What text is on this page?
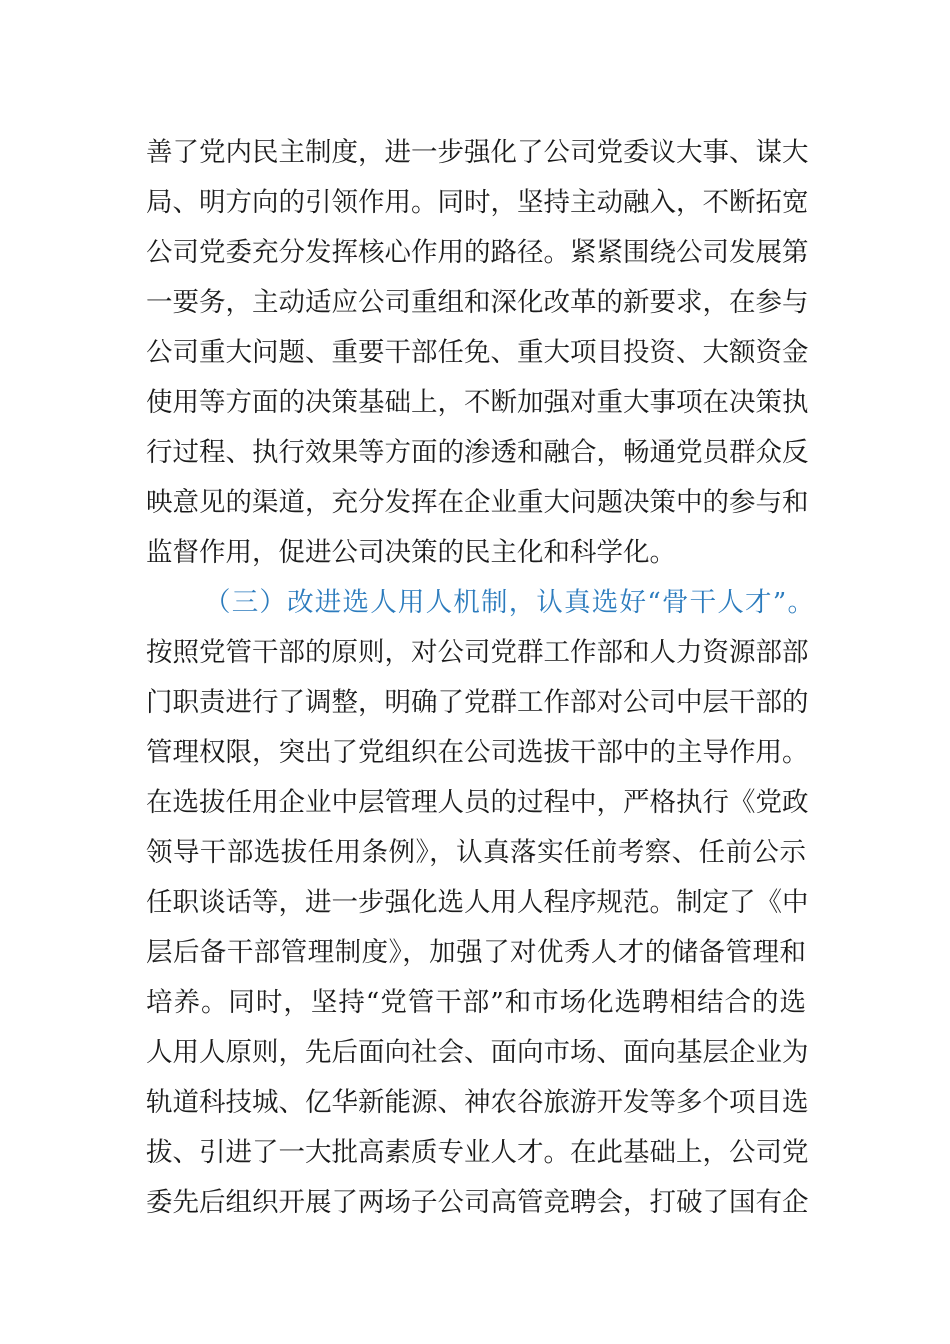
善了党内民主制度，进一步强化了公司党委议大事、谋大
局、明方向的引领作用。同时，坚持主动融入，不断拓宽
公司党委充分发挥核心作用的路径。紧紧围绕公司发展第
一要务，主动适应公司重组和深化改革的新要求，在参与
公司重大问题、重要干部任免、重大项目投资、大额资金
使用等方面的决策基础上，不断加强对重大事项在决策执
行过程、执行效果等方面的渗透和融合，畅通党员群众反
映意见的渠道，充分发挥在企业重大问题决策中的参与和
监督作用，促进公司决策的民主化和科学化。
（三）改进选人用人机制，认真选好“骨干人才”。
按照党管干部的原则，对公司党群工作部和人力资源部部
门职责进行了调整，明确了党群工作部对公司中层干部的
管理权限，突出了党组织在公司选拔干部中的主导作用。
在选拔任用企业中层管理人员的过程中，严格执行《党政
领导干部选拔任用条例》，认真落实任前考察、任前公示
任职谈话等，进一步强化选人用人程序规范。制定了《中
层后备干部管理制度》，加强了对优秀人才的储备管理和
培养。同时，坚持“党管干部”和市场化选聘相结合的选
人用人原则，先后面向社会、面向市场、面向基层企业为
轨道科技城、亿华新能源、神农谷旅游开发等多个项目选
拔、引进了一大批高素质专业人才。在此基础上，公司党
委先后组织开展了两场子公司高管竞聘会，打破了国有企
